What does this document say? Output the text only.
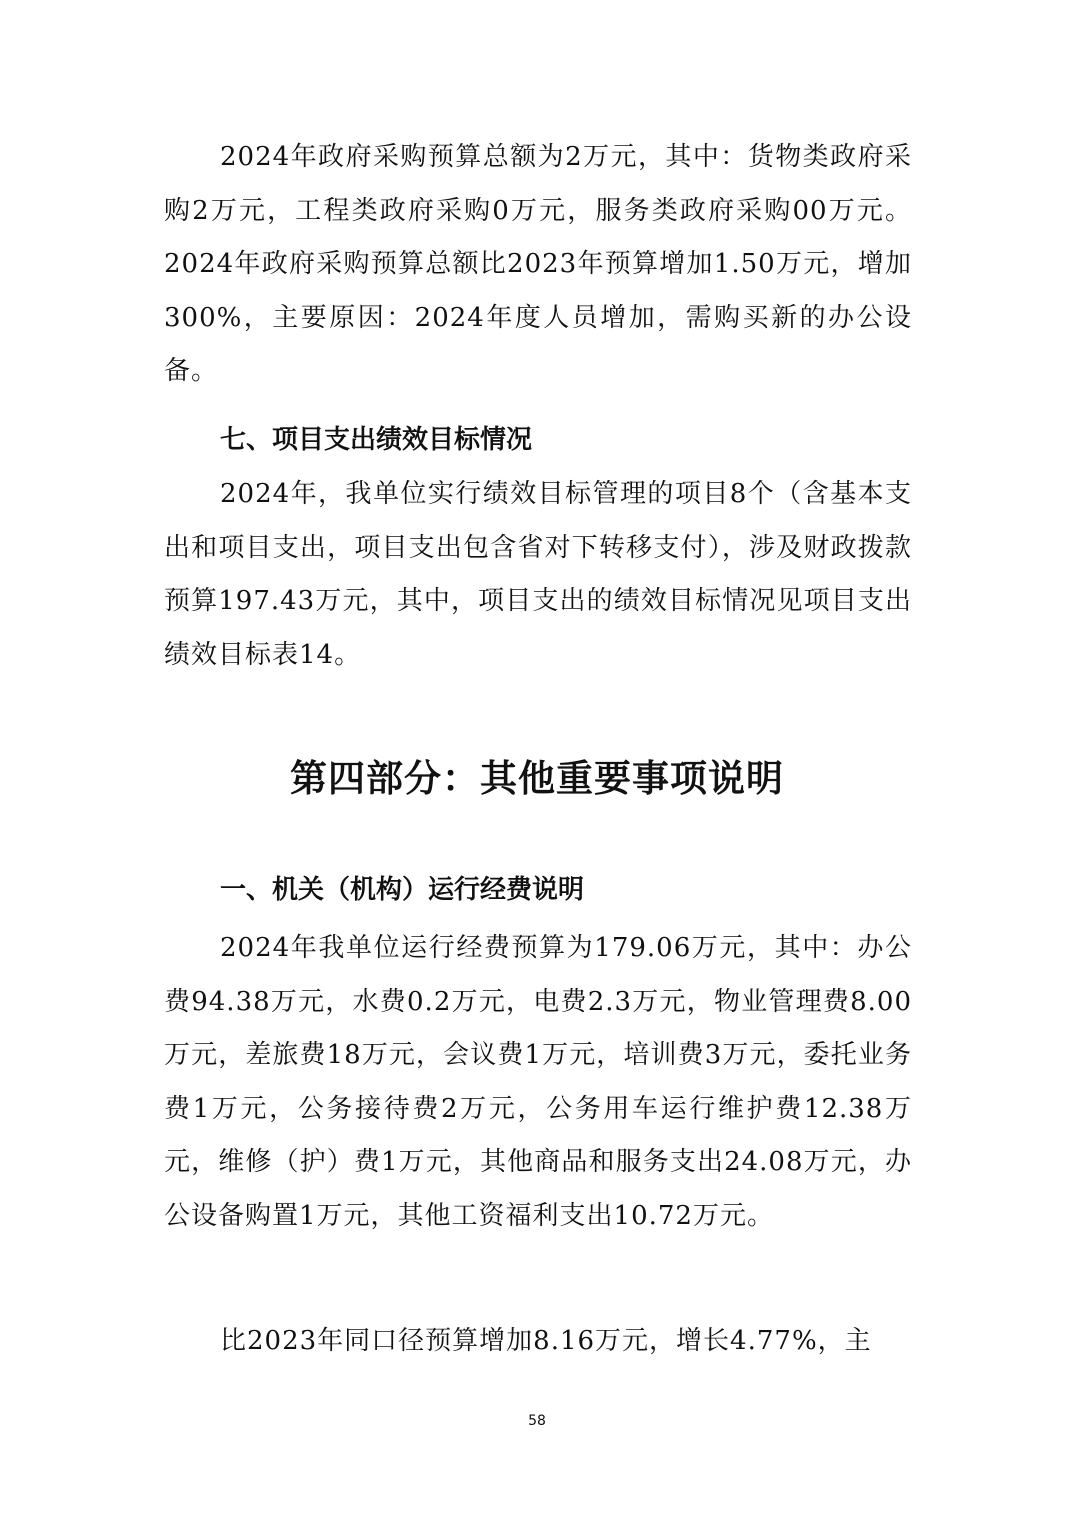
2024年政府采购预算总额为2万元，其中：货物类政府采购2万元，工程类政府采购0万元，服务类政府采购00万元。2024年政府采购预算总额比2023年预算增加1.50万元，增加300%，主要原因：2024年度人员增加，需购买新的办公设备。

七、项目支出绩效目标情况

2024年，我单位实行绩效目标管理的项目8个（含基本支出和项目支出，项目支出包含省对下转移支付），涉及财政拨款预算197.43万元，其中，项目支出的绩效目标情况见项目支出绩效目标表14。

第四部分：其他重要事项说明
一、机关（机构）运行经费说明

2024年我单位运行经费预算为179.06万元，其中：办公费94.38万元，水费0.2万元，电费2.3万元，物业管理费8.00万元，差旅费18万元，会议费1万元，培训费3万元，委托业务费1万元，公务接待费2万元，公务用车运行维护费12.38万元，维修（护）费1万元，其他商品和服务支出24.08万元，办公设备购置1万元，其他工资福利支出10.72万元。

比2023年同口径预算增加8.16万元，增长4.77%，主

58
